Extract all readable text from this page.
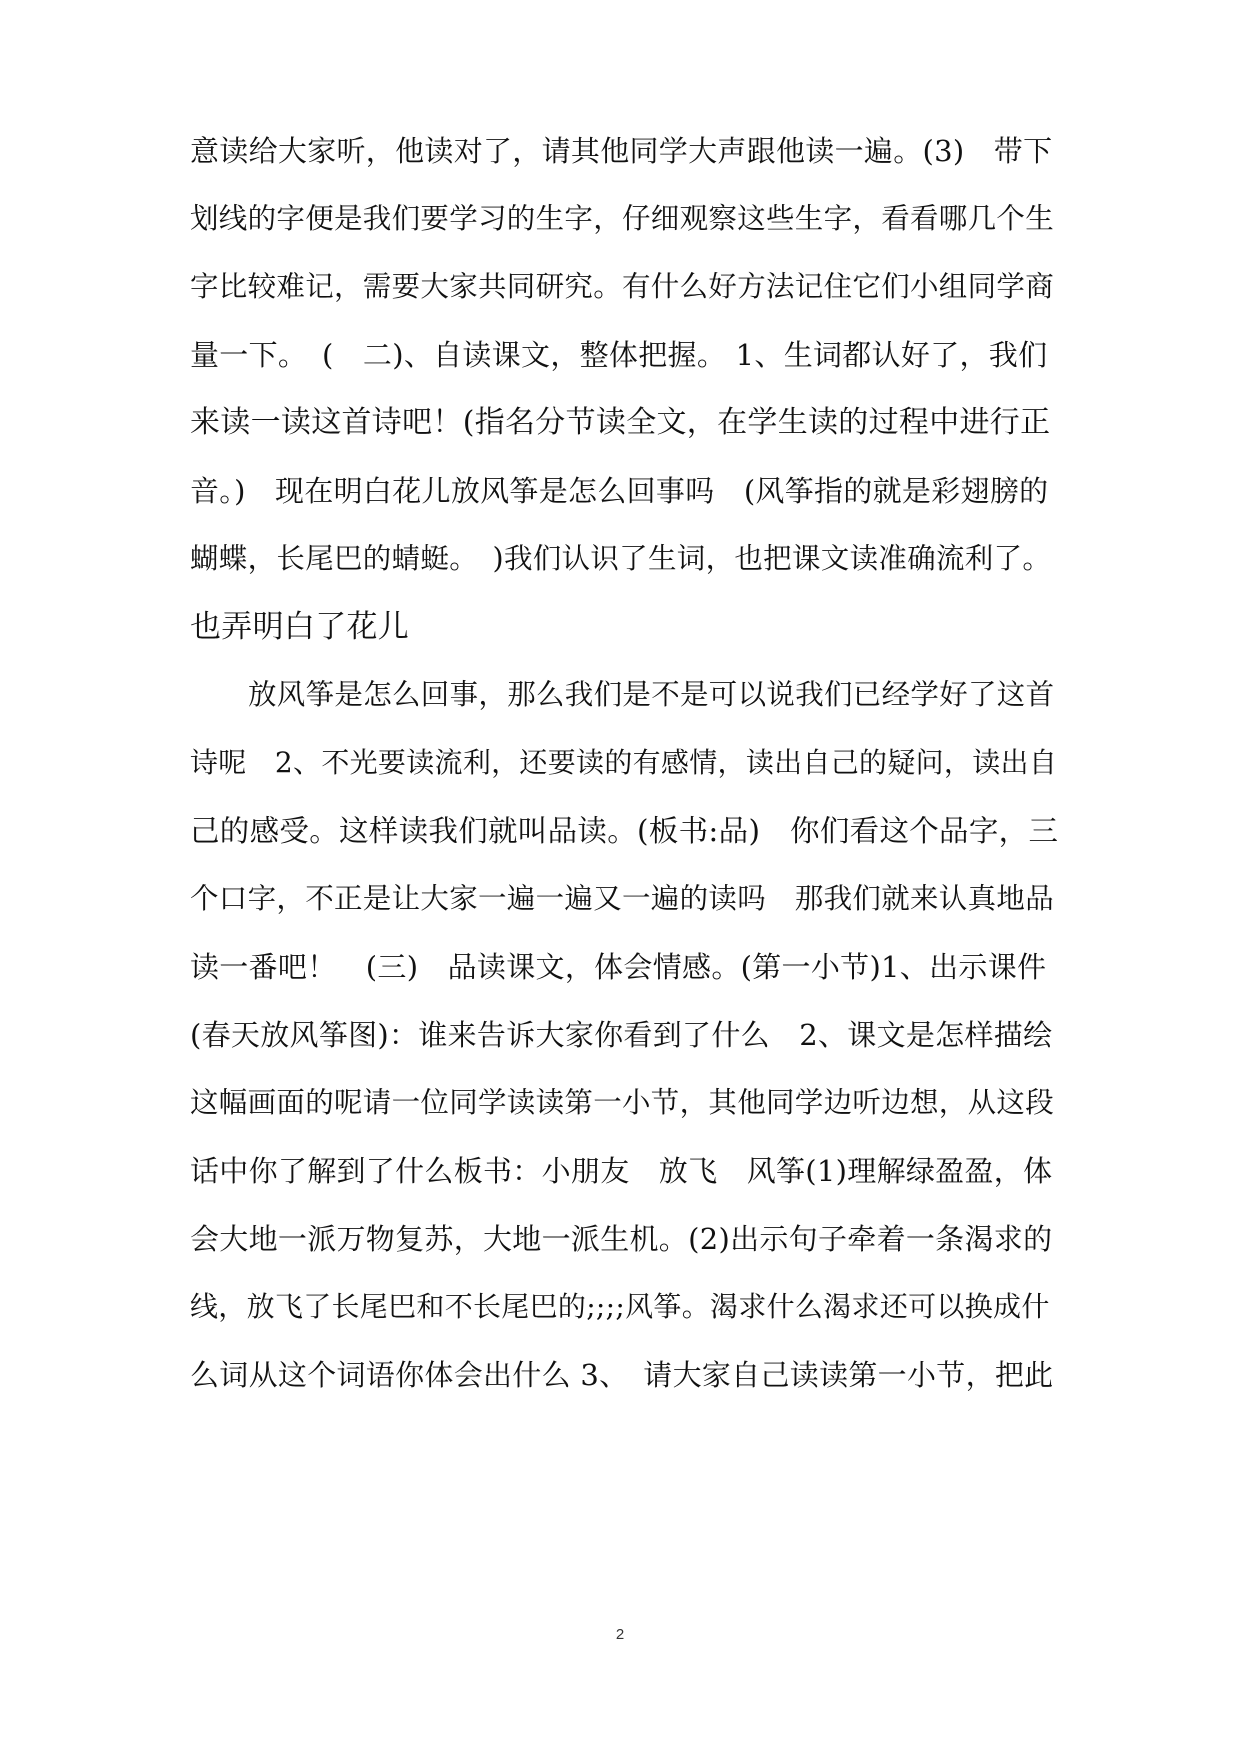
意读给大家听，他读对了，请其他同学大声跟他读一遍。(3)　带下
划线的字便是我们要学习的生字，仔细观察这些生字，看看哪几个生
字比较难记，需要大家共同研究。有什么好方法记住它们小组同学商
量一下。　(　二)、自读课文，整体把握。 1、生词都认好了，我们
来读一读这首诗吧！(指名分节读全文，在学生读的过程中进行正
音。)　现在明白花儿放风筝是怎么回事吗　(风筝指的就是彩翅膀的
蝴蝶，长尾巴的蜻蜓。　)我们认识了生词，也把课文读准确流利了。
也弄明白了花儿
放风筝是怎么回事，那么我们是不是可以说我们已经学好了这首
诗呢　2、不光要读流利，还要读的有感情，读出自己的疑问，读出自
己的感受。这样读我们就叫品读。(板书:品)　你们看这个品字，三
个口字，不正是让大家一遍一遍又一遍的读吗　那我们就来认真地品
读一番吧！　(三)　品读课文，体会情感。(第一小节)1、出示课件
(春天放风筝图)：谁来告诉大家你看到了什么　2、课文是怎样描绘
这幅画面的呢请一位同学读读第一小节，其他同学边听边想，从这段
话中你了解到了什么板书：小朋友　放飞　风筝(1)理解绿盈盈，体
会大地一派万物复苏，大地一派生机。(2)出示句子牵着一条渴求的
线，放飞了长尾巴和不长尾巴的;;;;风筝。渴求什么渴求还可以换成什
么词从这个词语你体会出什么 3、　请大家自己读读第一小节，把此
2
